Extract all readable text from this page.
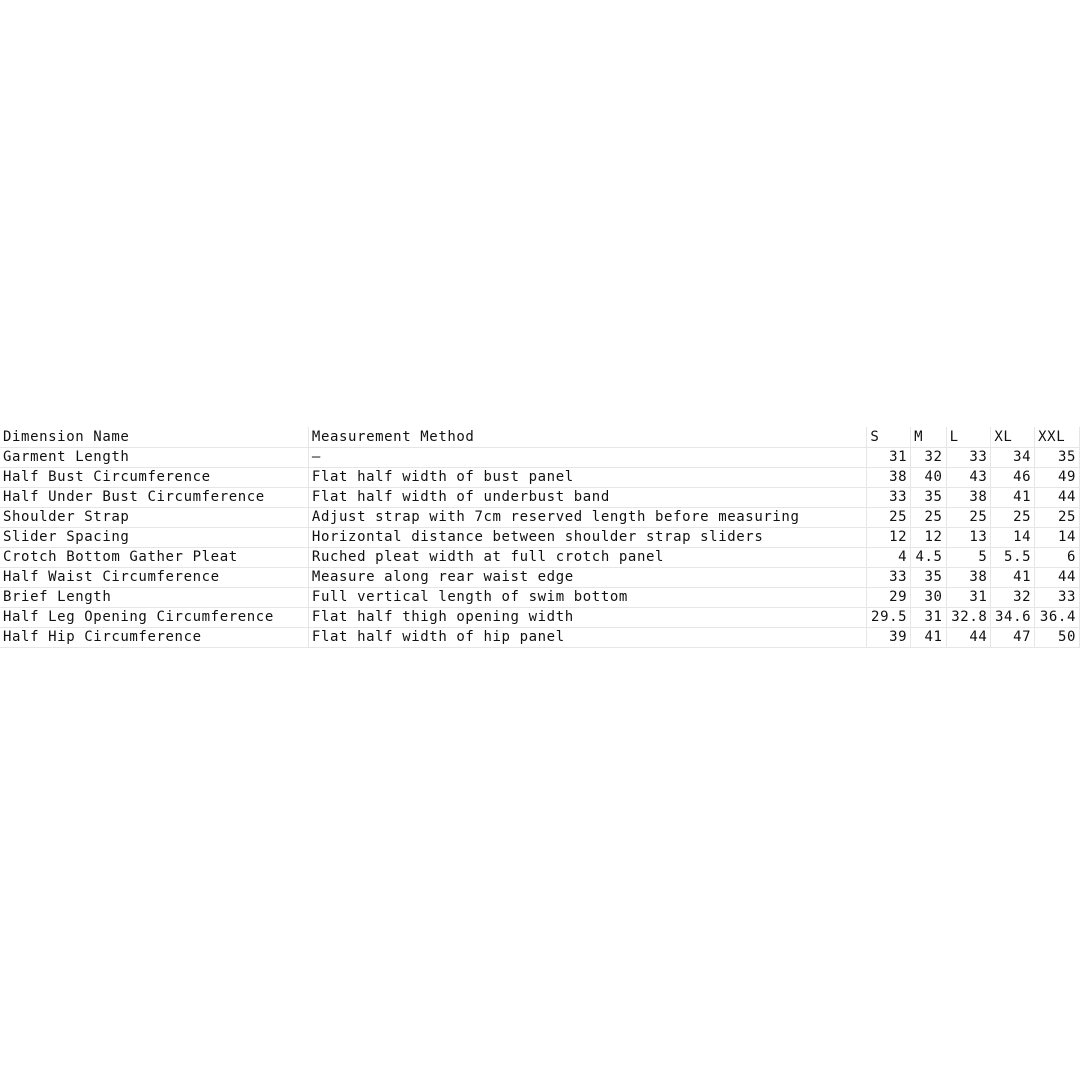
Dimension Name	Measurement Method	S	M	L	XL	XXL
Garment Length	—	31	32	33	34	35
Half Bust Circumference	Flat half width of bust panel	38	40	43	46	49
Half Under Bust Circumference	Flat half width of underbust band	33	35	38	41	44
Shoulder Strap	Adjust strap with 7cm reserved length before measuring	25	25	25	25	25
Slider Spacing	Horizontal distance between shoulder strap sliders	12	12	13	14	14
Crotch Bottom Gather Pleat	Ruched pleat width at full crotch panel	4	4.5	5	5.5	6
Half Waist Circumference	Measure along rear waist edge	33	35	38	41	44
Brief Length	Full vertical length of swim bottom	29	30	31	32	33
Half Leg Opening Circumference	Flat half thigh opening width	29.5	31	32.8	34.6	36.4
Half Hip Circumference	Flat half width of hip panel	39	41	44	47	50
